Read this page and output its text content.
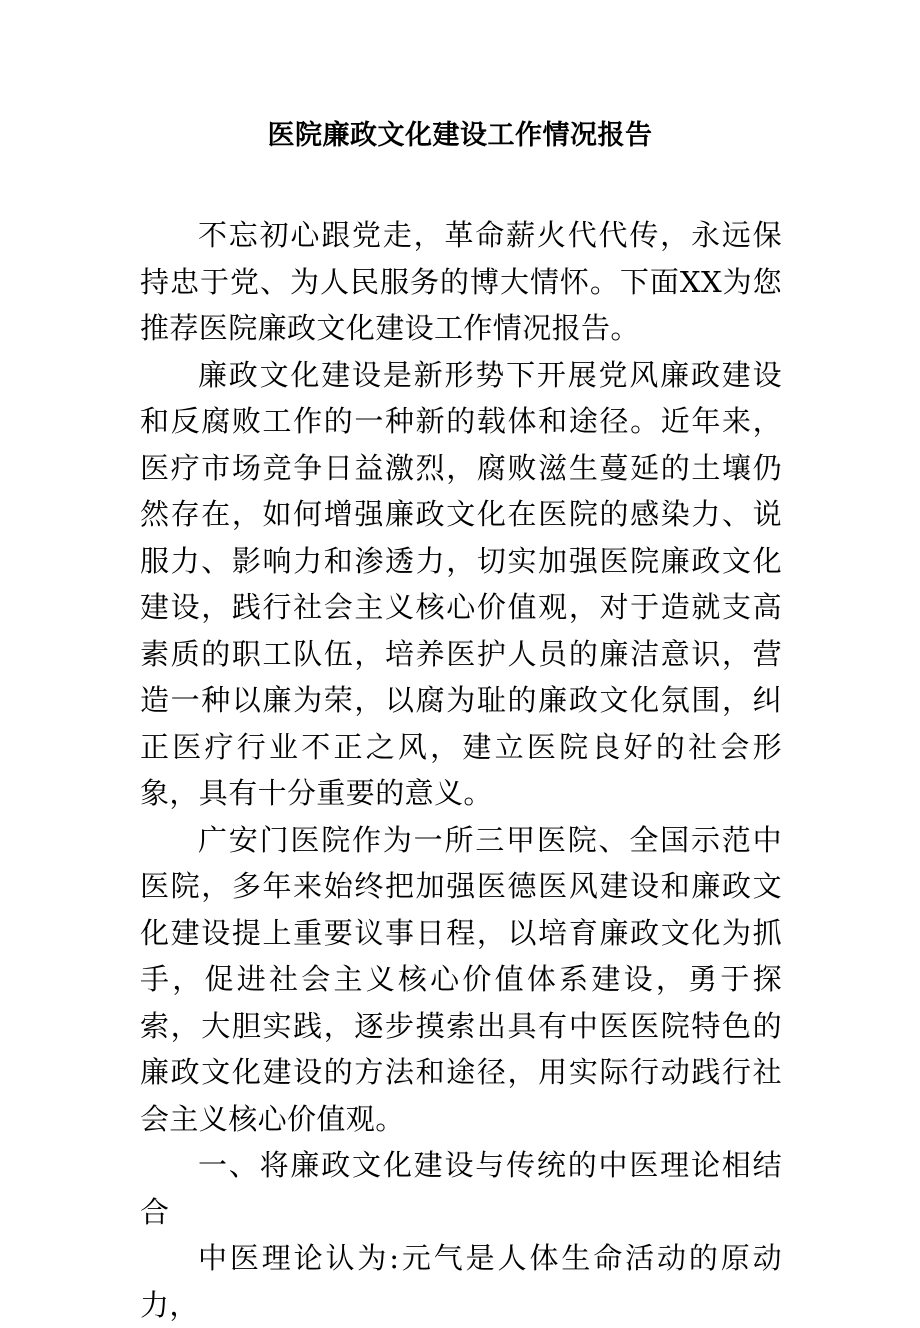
医院廉政文化建设工作情况报告

不忘初心跟党走，革命薪火代代传，永远保持忠于党、为人民服务的博大情怀。下面XX为您推荐医院廉政文化建设工作情况报告。

廉政文化建设是新形势下开展党风廉政建设和反腐败工作的一种新的载体和途径。近年来，医疗市场竞争日益激烈，腐败滋生蔓延的土壤仍然存在，如何增强廉政文化在医院的感染力、说服力、影响力和渗透力，切实加强医院廉政文化建设，践行社会主义核心价值观，对于造就支高素质的职工队伍，培养医护人员的廉洁意识，营造一种以廉为荣，以腐为耻的廉政文化氛围，纠正医疗行业不正之风，建立医院良好的社会形象，具有十分重要的意义。

广安门医院作为一所三甲医院、全国示范中医院，多年来始终把加强医德医风建设和廉政文化建设提上重要议事日程，以培育廉政文化为抓手，促进社会主义核心价值体系建设，勇于探索，大胆实践，逐步摸索出具有中医医院特色的廉政文化建设的方法和途径，用实际行动践行社会主义核心价值观。

一、将廉政文化建设与传统的中医理论相结合

中医理论认为:元气是人体生命活动的原动力，
